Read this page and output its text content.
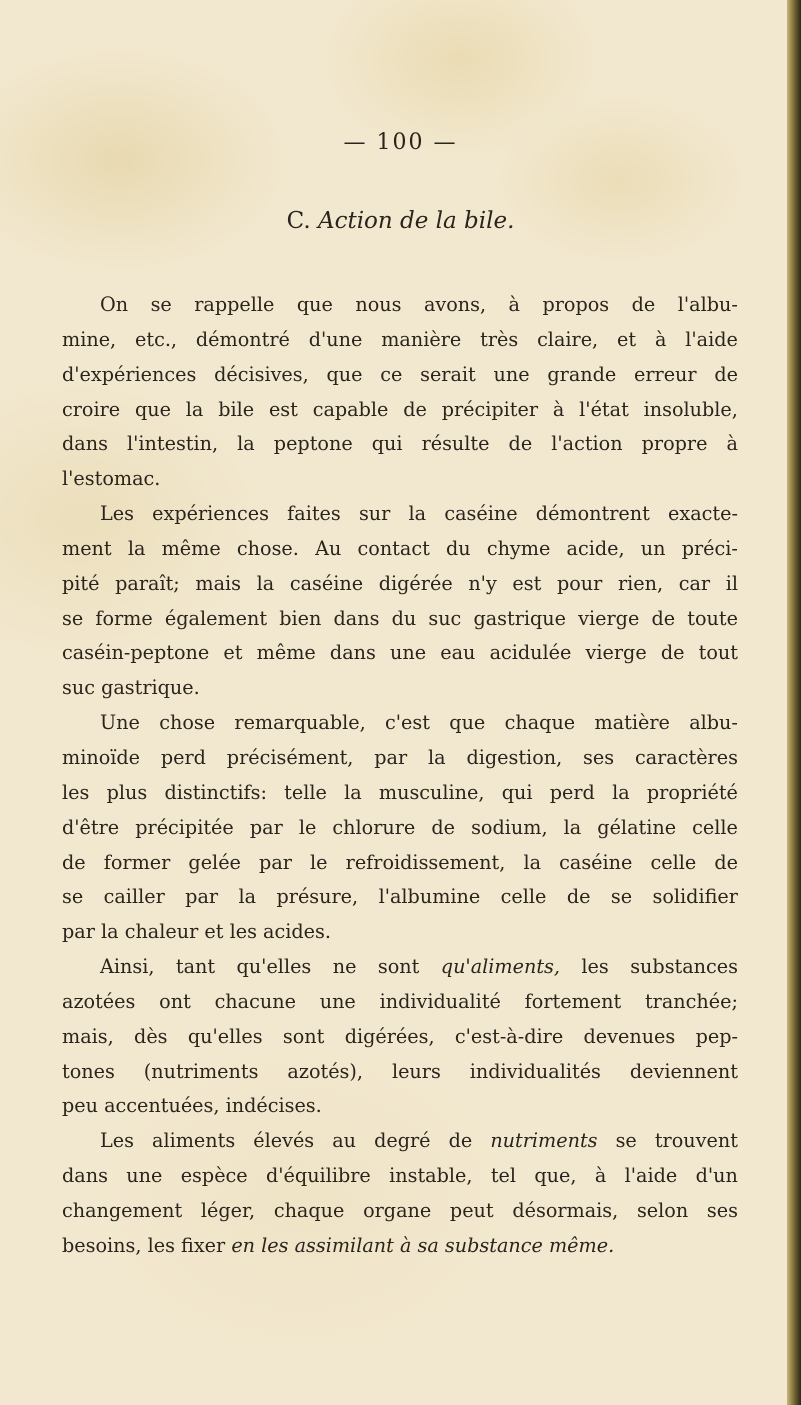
— 100 —
C. Action de la bile.
On se rappelle que nous avons, à propos de l'albu-
mine, etc., démontré d'une manière très claire, et à l'aide
d'expériences décisives, que ce serait une grande erreur de
croire que la bile est capable de précipiter à l'état insoluble,
dans l'intestin, la peptone qui résulte de l'action propre à
l'estomac.
Les expériences faites sur la caséine démontrent exacte-
ment la même chose. Au contact du chyme acide, un préci-
pité paraît; mais la caséine digérée n'y est pour rien, car il
se forme également bien dans du suc gastrique vierge de toute
caséin-peptone et même dans une eau acidulée vierge de tout
suc
gastrique.
Une chose remarquable, c'est que chaque matière albu-
minoïde perd précisément, par la digestion, ses caractères
les plus distinctifs: telle la musculine, qui perd la propriété
d'être précipitée par le chlorure de sodium, la gélatine celle
de former gelée par le refroidissement, la caséine celle de
se cailler par la présure, l'albumine celle de se solidifier
par
la
chaleur
et
les
acides.
Ainsi, tant qu'elles ne sont qu'aliments, les substances
azotées ont chacune une individualité fortement tranchée;
mais, dès qu'elles sont digérées, c'est-à-dire devenues pep-
tones (nutriments azotés), leurs individualités deviennent
peu
accentuées,
indécises.
Les aliments élevés au degré de nutriments se trouvent
dans une espèce d'équilibre instable, tel que, à l'aide d'un
changement léger, chaque organe peut désormais, selon ses
besoins,
les
fixer
en
les
assimilant
à
sa
substance
même.
